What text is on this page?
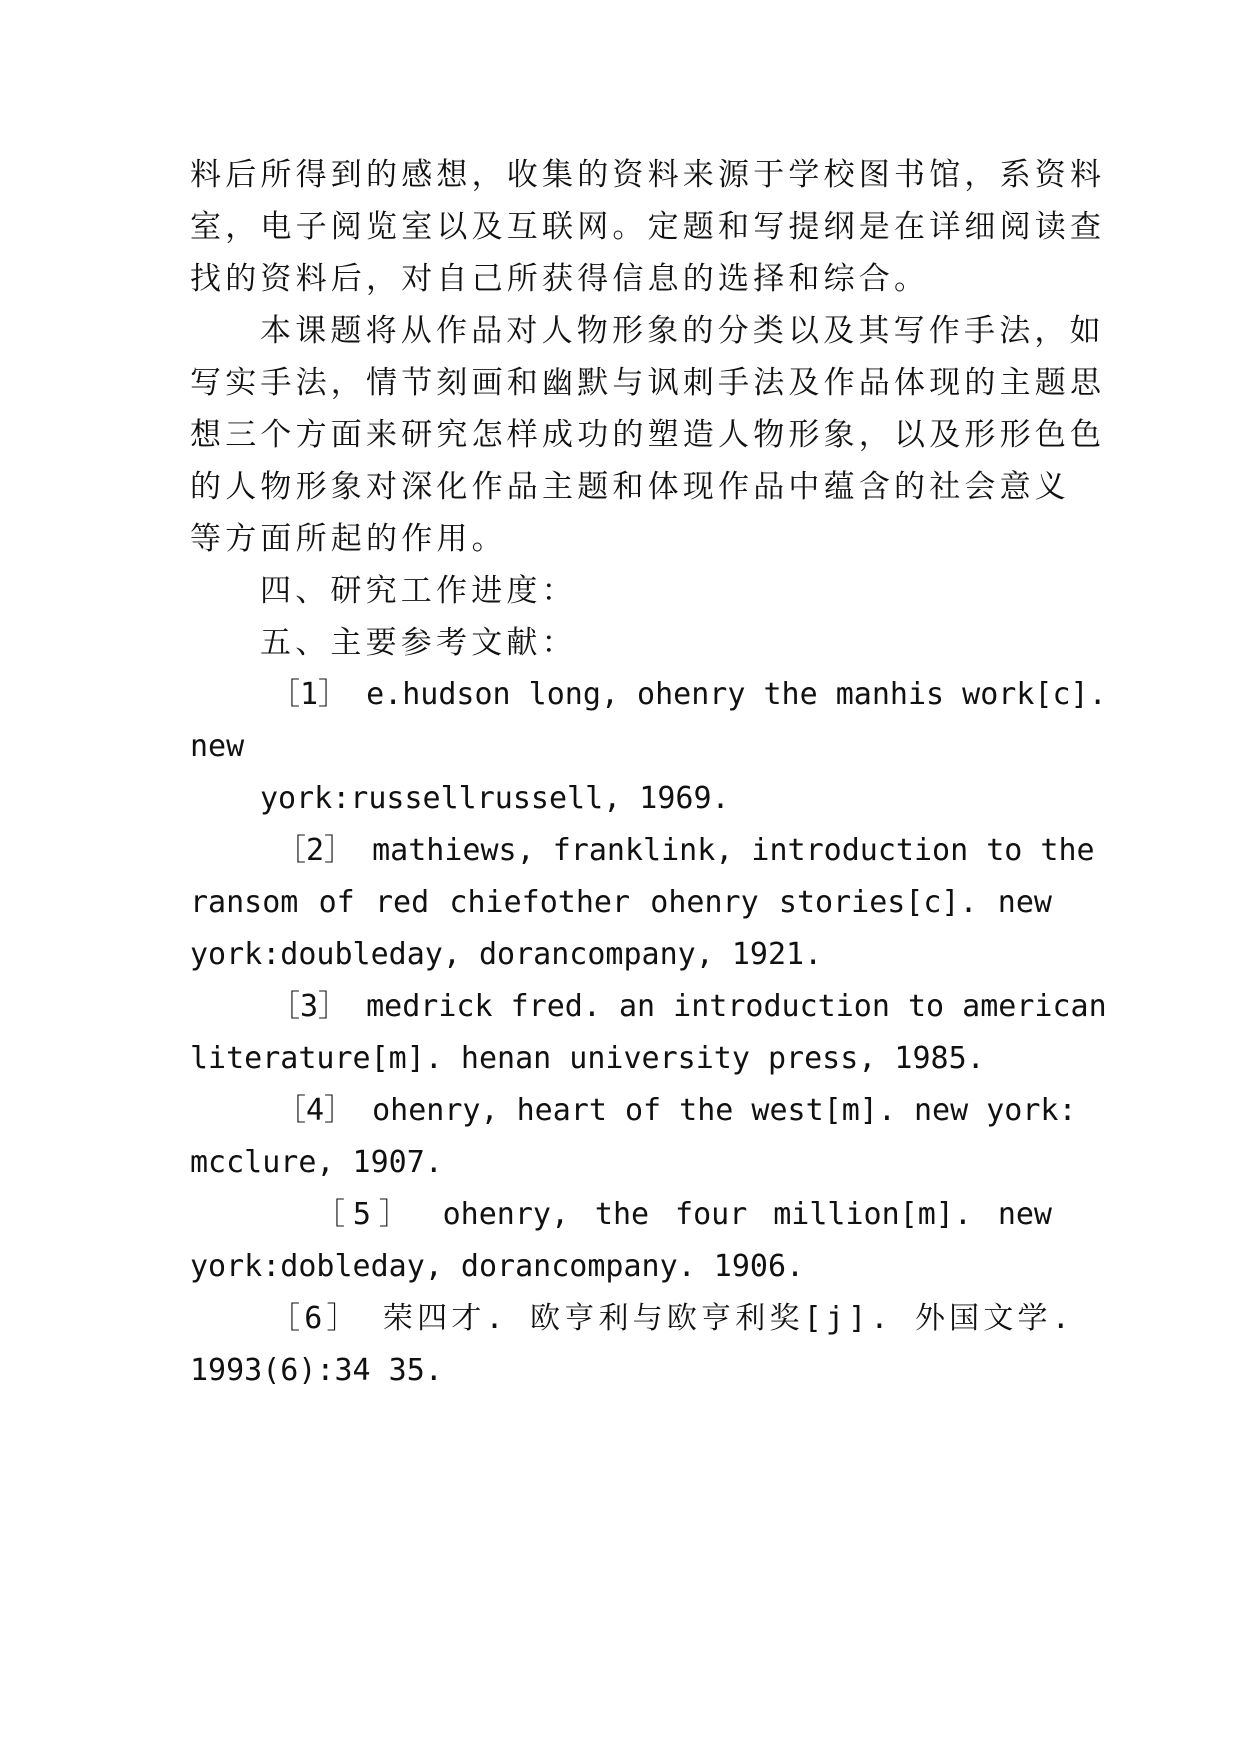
料后所得到的感想，收集的资料来源于学校图书馆，系资料
室，电子阅览室以及互联网。定题和写提纲是在详细阅读查
找的资料后，对自己所获得信息的选择和综合。
本课题将从作品对人物形象的分类以及其写作手法，如
写实手法，情节刻画和幽默与讽刺手法及作品体现的主题思
想三个方面来研究怎样成功的塑造人物形象，以及形形色色
的人物形象对深化作品主题和体现作品中蕴含的社会意义
等方面所起的作用。
四、研究工作进度：
五、主要参考文献：
［1］ e.hudson long, ohenry the manhis work[c].
new
york:russellrussell, 1969.
［2］ mathiews, franklink, introduction to the
ransom of red chiefother ohenry stories[c]. new
york:doubleday, dorancompany, 1921.
［3］ medrick fred. an introduction to american
literature[m]. henan university press, 1985.
［4］ ohenry, heart of the west[m]. new york:
mcclure, 1907.
［5］ ohenry, the four million[m]. new
york:dobleday, dorancompany. 1906.
［6］ 荣四才. 欧亨利与欧亨利奖[j]. 外国文学.
1993(6):34 35.
